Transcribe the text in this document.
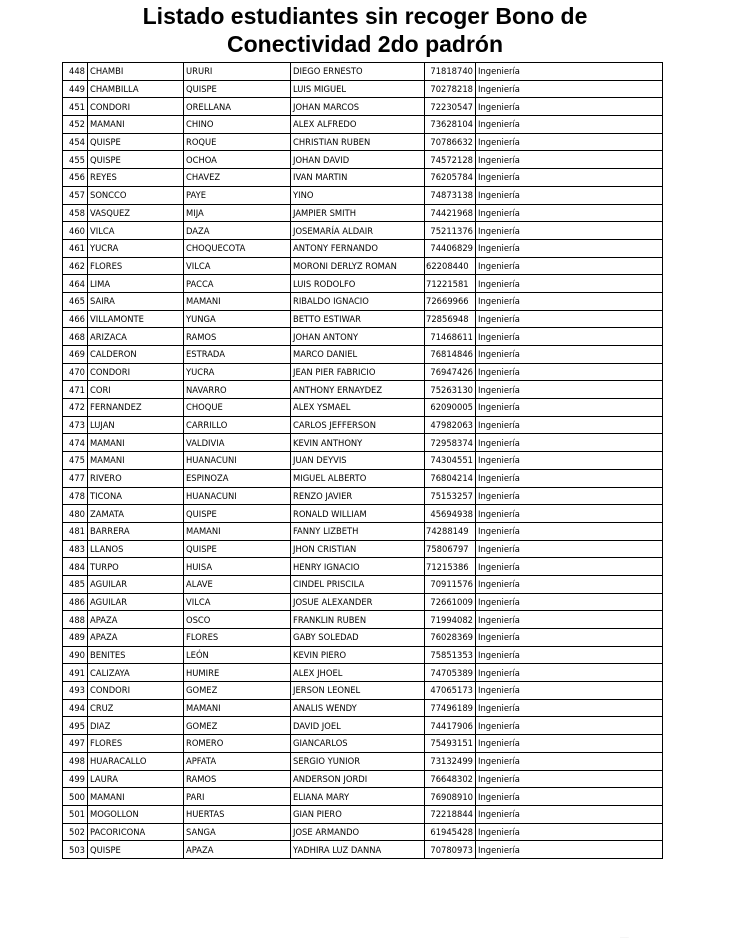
Listado estudiantes sin recoger Bono de
Conectividad 2do padrón
448	CHAMBI	URURI	DIEGO ERNESTO	71818740	Ingeniería
449	CHAMBILLA	QUISPE	LUIS MIGUEL	70278218	Ingeniería
451	CONDORI	ORELLANA	JOHAN MARCOS	72230547	Ingeniería
452	MAMANI	CHINO	ALEX ALFREDO	73628104	Ingeniería
454	QUISPE	ROQUE	CHRISTIAN RUBEN	70786632	Ingeniería
455	QUISPE	OCHOA	JOHAN DAVID	74572128	Ingeniería
456	REYES	CHAVEZ	IVAN MARTIN	76205784	Ingeniería
457	SONCCO	PAYE	YINO	74873138	Ingeniería
458	VASQUEZ	MIJA	JAMPIER SMITH	74421968	Ingeniería
460	VILCA	DAZA	JOSEMARÍA ALDAIR	75211376	Ingeniería
461	YUCRA	CHOQUECOTA	ANTONY FERNANDO	74406829	Ingeniería
462	FLORES	VILCA	MORONI DERLYZ ROMAN	62208440	Ingeniería
464	LIMA	PACCA	LUIS RODOLFO	71221581	Ingeniería
465	SAIRA	MAMANI	RIBALDO IGNACIO	72669966	Ingeniería
466	VILLAMONTE	YUNGA	BETTO ESTIWAR	72856948	Ingeniería
468	ARIZACA	RAMOS	JOHAN ANTONY	71468611	Ingeniería
469	CALDERON	ESTRADA	MARCO DANIEL	76814846	Ingeniería
470	CONDORI	YUCRA	JEAN PIER FABRICIO	76947426	Ingeniería
471	CORI	NAVARRO	ANTHONY ERNAYDEZ	75263130	Ingeniería
472	FERNANDEZ	CHOQUE	ALEX YSMAEL	62090005	Ingeniería
473	LUJAN	CARRILLO	CARLOS JEFFERSON	47982063	Ingeniería
474	MAMANI	VALDIVIA	KEVIN ANTHONY	72958374	Ingeniería
475	MAMANI	HUANACUNI	JUAN DEYVIS	74304551	Ingeniería
477	RIVERO	ESPINOZA	MIGUEL ALBERTO	76804214	Ingeniería
478	TICONA	HUANACUNI	RENZO JAVIER	75153257	Ingeniería
480	ZAMATA	QUISPE	RONALD WILLIAM	45694938	Ingeniería
481	BARRERA	MAMANI	FANNY LIZBETH	74288149	Ingeniería
483	LLANOS	QUISPE	JHON CRISTIAN	75806797	Ingeniería
484	TURPO	HUISA	HENRY IGNACIO	71215386	Ingeniería
485	AGUILAR	ALAVE	CINDEL PRISCILA	70911576	Ingeniería
486	AGUILAR	VILCA	JOSUE ALEXANDER	72661009	Ingeniería
488	APAZA	OSCO	FRANKLIN RUBEN	71994082	Ingeniería
489	APAZA	FLORES	GABY SOLEDAD	76028369	Ingeniería
490	BENITES	LEÓN	KEVIN PIERO	75851353	Ingeniería
491	CALIZAYA	HUMIRE	ALEX JHOEL	74705389	Ingeniería
493	CONDORI	GOMEZ	JERSON LEONEL	47065173	Ingeniería
494	CRUZ	MAMANI	ANALIS WENDY	77496189	Ingeniería
495	DIAZ	GOMEZ	DAVID JOEL	74417906	Ingeniería
497	FLORES	ROMERO	GIANCARLOS	75493151	Ingeniería
498	HUARACALLO	APFATA	SERGIO YUNIOR	73132499	Ingeniería
499	LAURA	RAMOS	ANDERSON JORDI	76648302	Ingeniería
500	MAMANI	PARI	ELIANA MARY	76908910	Ingeniería
501	MOGOLLON	HUERTAS	GIAN PIERO	72218844	Ingeniería
502	PACORICONA	SANGA	JOSE ARMANDO	61945428	Ingeniería
503	QUISPE	APAZA	YADHIRA LUZ DANNA	70780973	Ingeniería
·········
